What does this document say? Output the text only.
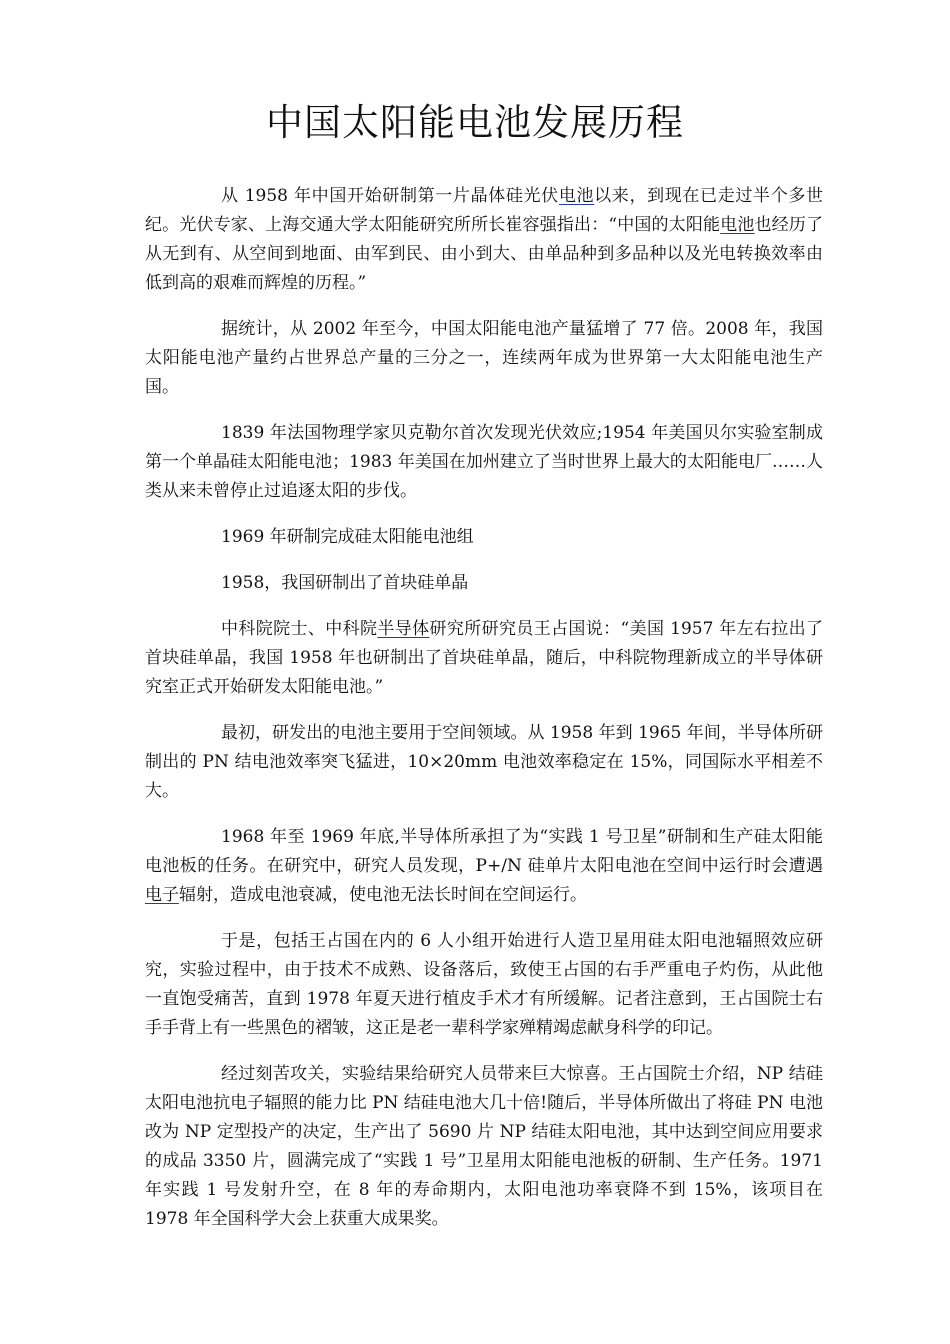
中国太阳能电池发展历程

从 1958 年中国开始研制第一片晶体硅光伏电池以来，到现在已走过半个多世纪。光伏专家、上海交通大学太阳能研究所所长崔容强指出：“中国的太阳能电池也经历了从无到有、从空间到地面、由军到民、由小到大、由单品种到多品种以及光电转换效率由低到高的艰难而辉煌的历程。”

据统计，从 2002 年至今，中国太阳能电池产量猛增了 77 倍。2008 年，我国太阳能电池产量约占世界总产量的三分之一，连续两年成为世界第一大太阳能电池生产国。

1839 年法国物理学家贝克勒尔首次发现光伏效应;1954 年美国贝尔实验室制成第一个单晶硅太阳能电池；1983 年美国在加州建立了当时世界上最大的太阳能电厂……人类从来未曾停止过追逐太阳的步伐。

1969 年研制完成硅太阳能电池组

1958，我国研制出了首块硅单晶

中科院院士、中科院半导体研究所研究员王占国说：“美国 1957 年左右拉出了首块硅单晶，我国 1958 年也研制出了首块硅单晶，随后，中科院物理新成立的半导体研究室正式开始研发太阳能电池。”

最初，研发出的电池主要用于空间领域。从 1958 年到 1965 年间，半导体所研制出的 PN 结电池效率突飞猛进，10×20mm 电池效率稳定在 15%，同国际水平相差不大。

1968 年至 1969 年底,半导体所承担了为“实践 1 号卫星”研制和生产硅太阳能电池板的任务。在研究中，研究人员发现，P+/N 硅单片太阳电池在空间中运行时会遭遇电子辐射，造成电池衰减，使电池无法长时间在空间运行。

于是，包括王占国在内的 6 人小组开始进行人造卫星用硅太阳电池辐照效应研究，实验过程中，由于技术不成熟、设备落后，致使王占国的右手严重电子灼伤，从此他一直饱受痛苦，直到 1978 年夏天进行植皮手术才有所缓解。记者注意到，王占国院士右手手背上有一些黑色的褶皱，这正是老一辈科学家殚精竭虑献身科学的印记。

经过刻苦攻关，实验结果给研究人员带来巨大惊喜。王占国院士介绍，NP 结硅太阳电池抗电子辐照的能力比 PN 结硅电池大几十倍!随后，半导体所做出了将硅 PN 电池改为 NP 定型投产的决定，生产出了 5690 片 NP 结硅太阳电池，其中达到空间应用要求的成品 3350 片，圆满完成了“实践 1 号”卫星用太阳能电池板的研制、生产任务。1971 年实践 1 号发射升空，在 8 年的寿命期内，太阳电池功率衰降不到 15%，该项目在 1978 年全国科学大会上获重大成果奖。
